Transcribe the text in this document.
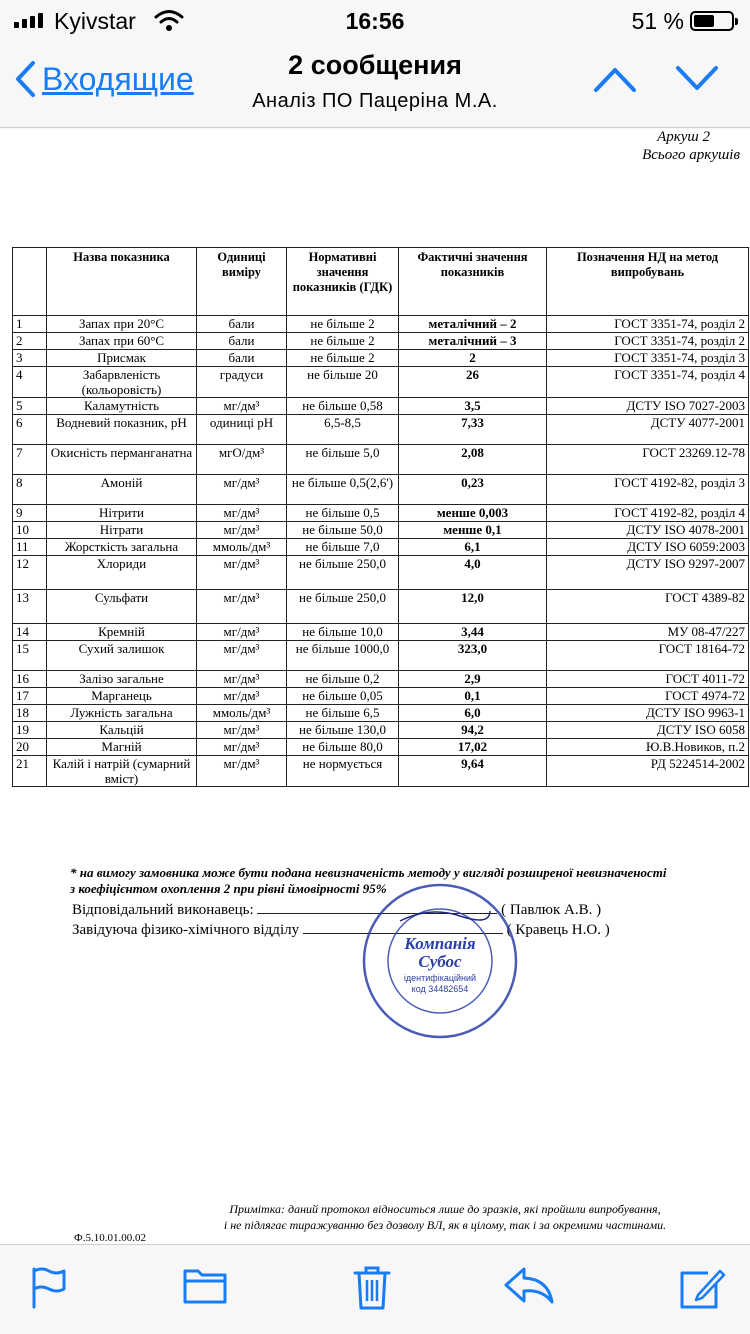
Kyivstar	16:56	51 %
Входящие	2 сообщения
Аналіз ПО Пацеріна М.А.
Аркуш 2
Всього аркушів
	Назва показника	Одиниці виміру	Нормативні значення показників (ГДК)	Фактичні значення показників	Позначення НД на метод випробувань
1	Запах при 20°С	бали	не більше 2	металічний – 2	ГОСТ 3351-74, розділ 2
2	Запах при 60°С	бали	не більше 2	металічний – 3	ГОСТ 3351-74, розділ 2
3	Присмак	бали	не більше 2	2	ГОСТ 3351-74, розділ 3
4	Забарвленість (кольоровість)	градуси	не більше 20	26	ГОСТ 3351-74, розділ 4
5	Каламутність	мг/дм³	не більше 0,58	3,5	ДСТУ ISO 7027-2003
6	Водневий показник, рН	одиниці рН	6,5-8,5	7,33	ДСТУ 4077-2001
7	Окисність перманганатна	мгО/дм³	не більше 5,0	2,08	ГОСТ 23269.12-78
8	Амоній	мг/дм³	не більше 0,5(2,6')	0,23	ГОСТ 4192-82, розділ 3
9	Нітрити	мг/дм³	не більше 0,5	менше 0,003	ГОСТ 4192-82, розділ 4
10	Нітрати	мг/дм³	не більше 50,0	менше 0,1	ДСТУ ISO 4078-2001
11	Жорсткість загальна	ммоль/дм³	не більше 7,0	6,1	ДСТУ ISO 6059:2003
12	Хлориди	мг/дм³	не більше 250,0	4,0	ДСТУ ISO 9297-2007
13	Сульфати	мг/дм³	не більше 250,0	12,0	ГОСТ 4389-82
14	Кремній	мг/дм³	не більше 10,0	3,44	МУ 08-47/227
15	Сухий залишок	мг/дм³	не більше 1000,0	323,0	ГОСТ 18164-72
16	Залізо загальне	мг/дм³	не більше 0,2	2,9	ГОСТ 4011-72
17	Марганець	мг/дм³	не більше 0,05	0,1	ГОСТ 4974-72
18	Лужність загальна	ммоль/дм³	не більше 6,5	6,0	ДСТУ ISO 9963-1
19	Кальцій	мг/дм³	не більше 130,0	94,2	ДСТУ ISO 6058
20	Магній	мг/дм³	не більше 80,0	17,02	Ю.В.Новиков, п.2
21	Калій і натрій (сумарний вміст)	мг/дм³	не нормується	9,64	РД 5224514-2002
* на вимогу замовника може бути подана невизначеність методу у вигляді розширеної невизначеності
з коефіцієнтом охоплення 2 при рівні ймовірності 95%
Відповідальний виконавець:	( Павлюк А.В. )
Завідуюча фізико-хімічного відділу	( Кравець Н.О. )
Компанія
Субос
ідентифікаційний
код 34482654
Примітка: даний протокол відноситься лише до зразків, які пройшли випробування,
і не підлягає тиражуванню без дозволу ВЛ, як в цілому, так і за окремими частинами.
Ф.5.10.01.00.02
